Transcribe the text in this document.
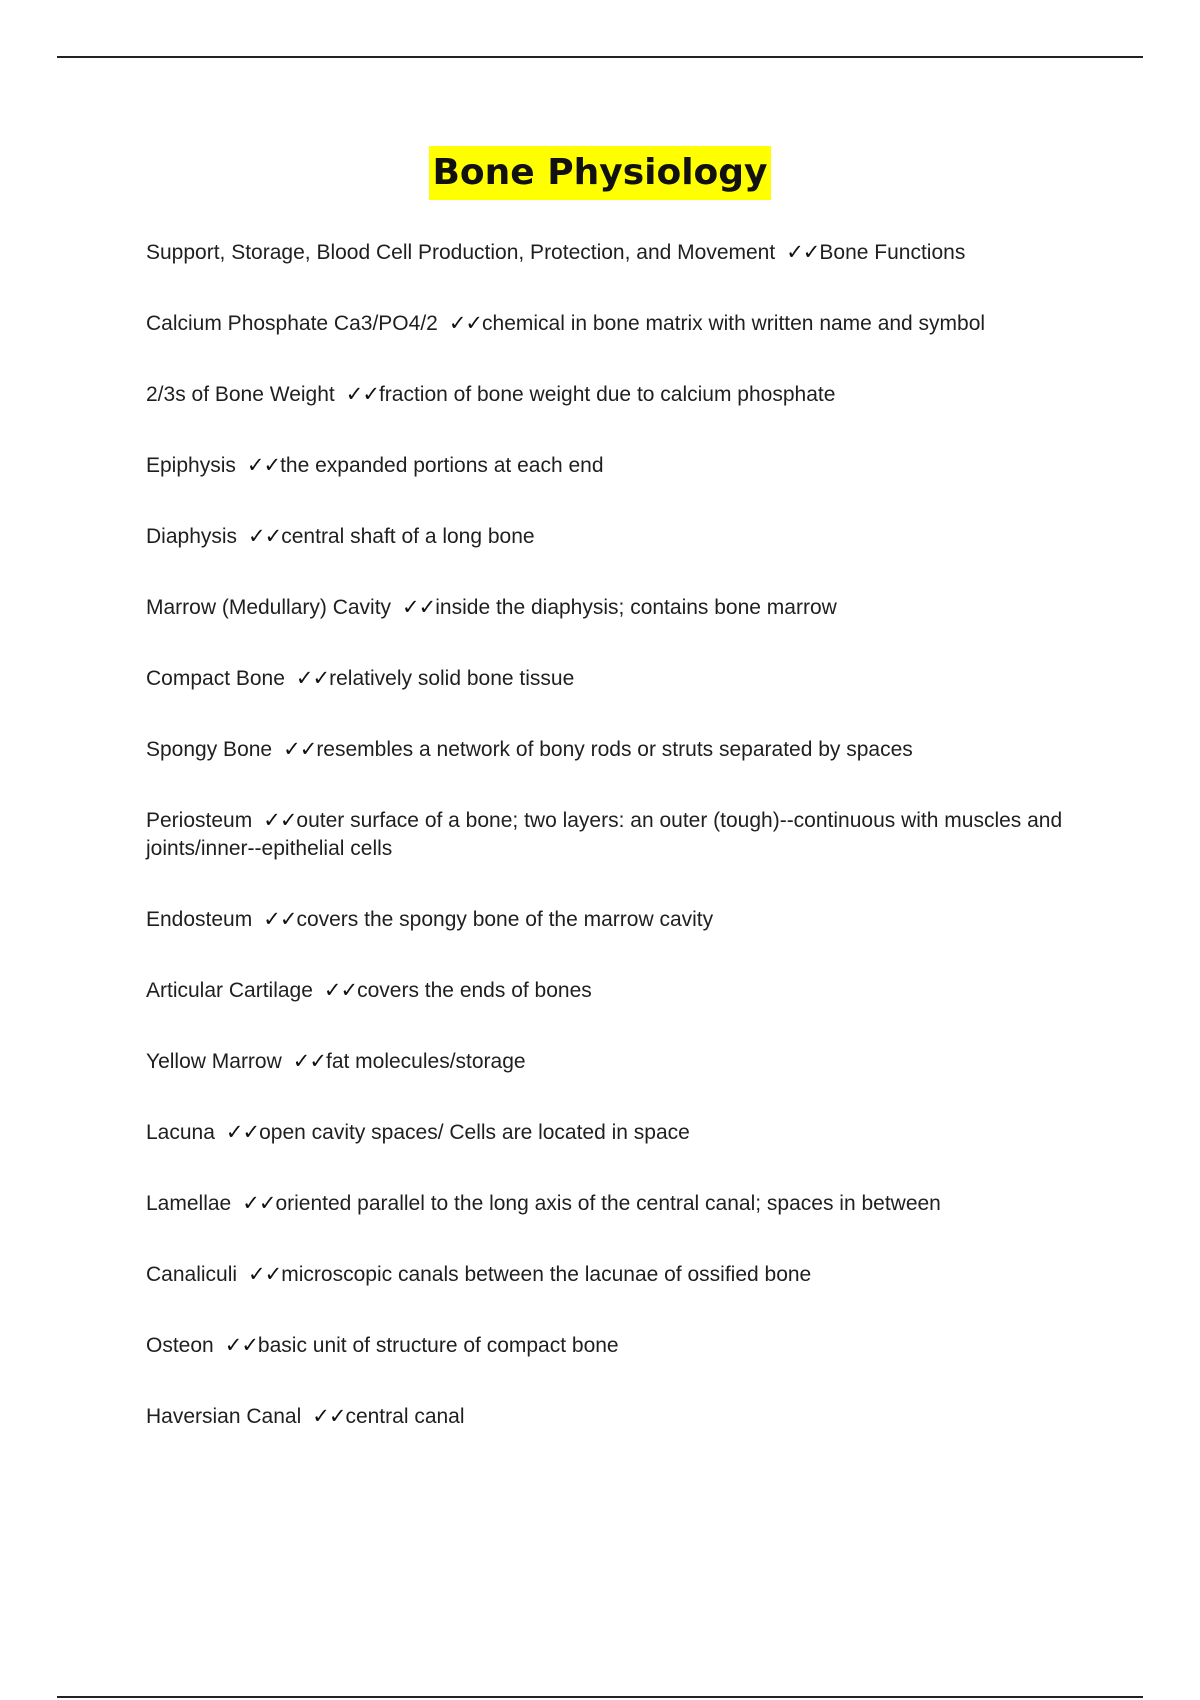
Bone Physiology
Support, Storage, Blood Cell Production, Protection, and Movement ✓✓Bone Functions
Calcium Phosphate Ca3/PO4/2 ✓✓chemical in bone matrix with written name and symbol
2/3s of Bone Weight ✓✓fraction of bone weight due to calcium phosphate
Epiphysis ✓✓the expanded portions at each end
Diaphysis ✓✓central shaft of a long bone
Marrow (Medullary) Cavity ✓✓inside the diaphysis; contains bone marrow
Compact Bone ✓✓relatively solid bone tissue
Spongy Bone ✓✓resembles a network of bony rods or struts separated by spaces
Periosteum ✓✓outer surface of a bone; two layers: an outer (tough)--continuous with muscles and joints/inner--epithelial cells
Endosteum ✓✓covers the spongy bone of the marrow cavity
Articular Cartilage ✓✓covers the ends of bones
Yellow Marrow ✓✓fat molecules/storage
Lacuna ✓✓open cavity spaces/ Cells are located in space
Lamellae ✓✓oriented parallel to the long axis of the central canal; spaces in between
Canaliculi ✓✓microscopic canals between the lacunae of ossified bone
Osteon ✓✓basic unit of structure of compact bone
Haversian Canal ✓✓central canal
